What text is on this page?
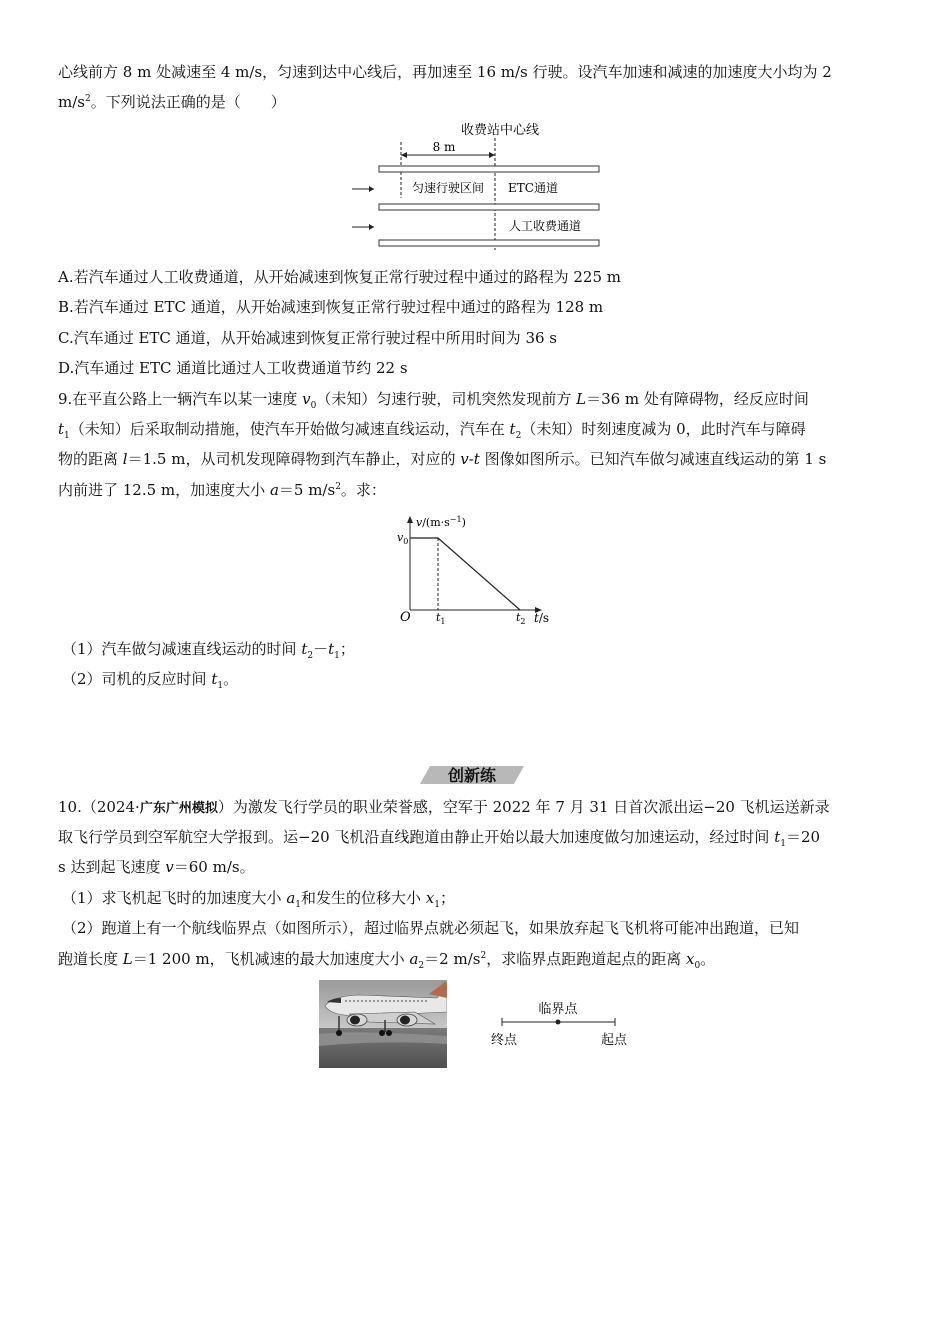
心线前方 8 m 处减速至 4 m/s，匀速到达中心线后，再加速至 16 m/s 行驶。设汽车加速和减速的加速度大小均为 2
$m/s^2$。下列说法正确的是（　　）
收费站中心线
8 m
匀速行驶区间 ETC通道
人工收费通道
A.若汽车通过人工收费通道，从开始减速到恢复正常行驶过程中通过的路程为 225 m
B.若汽车通过 ETC 通道，从开始减速到恢复正常行驶过程中通过的路程为 128 m
C.汽车通过 ETC 通道，从开始减速到恢复正常行驶过程中所用时间为 36 s
D.汽车通过 ETC 通道比通过人工收费通道节约 22 s
9.在平直公路上一辆汽车以某一速度 $v_0$（未知）匀速行驶，司机突然发现前方 L＝36 m 处有障碍物，经反应时间
$t_1$（未知）后采取制动措施，使汽车开始做匀减速直线运动，汽车在 $t_2$（未知）时刻速度减为 0，此时汽车与障碍
物的距离 l＝1.5 m，从司机发现障碍物到汽车静止，对应的 v-t 图像如图所示。已知汽车做匀减速直线运动的第 1 s
内前进了 12.5 m，加速度大小 a＝5 $m/s^2$。求：
$v/(m\cdot s^{-1})$
$v_0$
O $t_1$	$t_2$ t/s
（1）汽车做匀减速直线运动的时间 $t_2-t_1$；
（2）司机的反应时间 $t_1$。
创新练
10.（2024·广东广州模拟）为激发飞行学员的职业荣誉感，空军于 2022 年 7 月 31 日首次派出运−20 飞机运送新录
取飞行学员到空军航空大学报到。运−20 飞机沿直线跑道由静止开始以最大加速度做匀加速运动，经过时间 $t_1=20$
s 达到起飞速度 v＝60 m/s。
（1）求飞机起飞时的加速度大小 $a_1$和发生的位移大小 $x_1$；
（2）跑道上有一个航线临界点（如图所示），超过临界点就必须起飞，如果放弃起飞飞机将可能冲出跑道，已知
跑道长度 L＝1 200 m，飞机减速的最大加速度大小 $a_2=2$ $m/s^2$，求临界点距跑道起点的距离 $x_0$。
临界点
终点	起点
